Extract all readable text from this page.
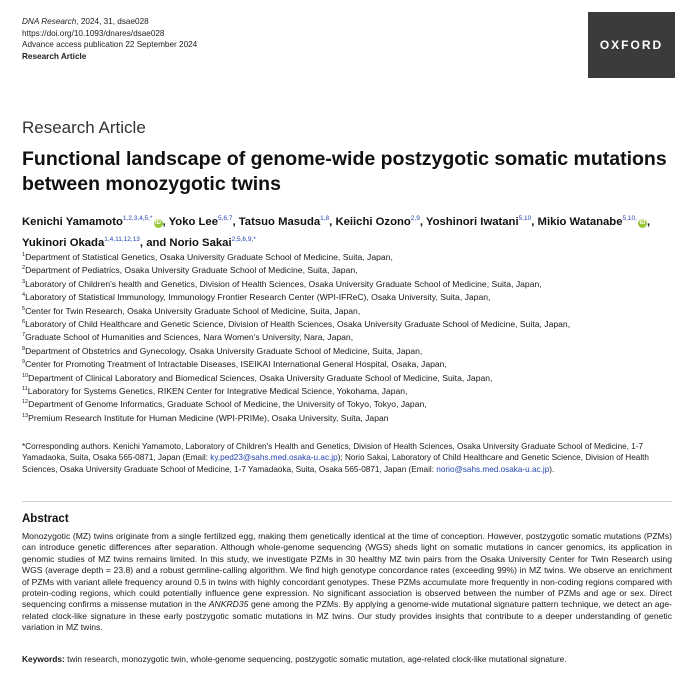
DNA Research, 2024, 31, dsae028
https://doi.org/10.1093/dnares/dsae028
Advance access publication 22 September 2024
Research Article
OXFORD
Research Article
Functional landscape of genome-wide postzygotic somatic mutations between monozygotic twins
Kenichi Yamamoto$^{1,2,3,4,5,*}$iD , Yoko Lee$^{5,6,7}$, Tatsuo Masuda$^{1,8}$, Keiichi Ozono$^{2,9}$, Yoshinori Iwatani$^{5,10}$, Mikio Watanabe$^{5,10,}$iD , Yukinori Okada$^{1,4,11,12,13}$, and Norio Sakai$^{2,5,6,9,*}$
$^1$Department of Statistical Genetics, Osaka University Graduate School of Medicine, Suita, Japan,
$^2$Department of Pediatrics, Osaka University Graduate School of Medicine, Suita, Japan,
$^3$Laboratory of Children's health and Genetics, Division of Health Sciences, Osaka University Graduate School of Medicine, Suita, Japan,
$^4$Laboratory of Statistical Immunology, Immunology Frontier Research Center (WPI-IFReC), Osaka University, Suita, Japan,
$^5$Center for Twin Research, Osaka University Graduate School of Medicine, Suita, Japan,
$^6$Laboratory of Child Healthcare and Genetic Science, Division of Health Sciences, Osaka University Graduate School of Medicine, Suita, Japan,
$^7$Graduate School of Humanities and Sciences, Nara Women's University, Nara, Japan,
$^8$Department of Obstetrics and Gynecology, Osaka University Graduate School of Medicine, Suita, Japan,
$^9$Center for Promoting Treatment of Intractable Diseases, ISEIKAI International General Hospital, Osaka, Japan,
$^{10}$Department of Clinical Laboratory and Biomedical Sciences, Osaka University Graduate School of Medicine, Suita, Japan,
$^{11}$Laboratory for Systems Genetics, RIKEN Center for Integrative Medical Science, Yokohama, Japan,
$^{12}$Department of Genome Informatics, Graduate School of Medicine, the University of Tokyo, Tokyo, Japan,
$^{13}$Premium Research Institute for Human Medicine (WPI-PRIMe), Osaka University, Suita, Japan
*Corresponding authors. Kenichi Yamamoto, Laboratory of Children's Health and Genetics, Division of Health Sciences, Osaka University Graduate School of Medicine, 1-7 Yamadaoka, Suita, Osaka 565-0871, Japan (Email: ky.ped23@sahs.med.osaka-u.ac.jp); Norio Sakai, Laboratory of Child Healthcare and Genetic Science, Division of Health Sciences, Osaka University Graduate School of Medicine, 1-7 Yamadaoka, Suita, Osaka 565-0871, Japan (Email: norio@sahs.med.osaka-u.ac.jp).
Abstract
Monozygotic (MZ) twins originate from a single fertilized egg, making them genetically identical at the time of conception. However, postzygotic somatic mutations (PZMs) can introduce genetic differences after separation. Although whole-genome sequencing (WGS) sheds light on somatic mutations in cancer genomics, its application in genomic studies of MZ twins remains limited. In this study, we investigate PZMs in 30 healthy MZ twin pairs from the Osaka University Center for Twin Research using WGS (average depth = 23.8) and a robust germline-calling algorithm. We find high genotype concordance rates (exceeding 99%) in MZ twins. We observe an enrichment of PZMs with variant allele frequency around 0.5 in twins with highly concordant genotypes. These PZMs accumulate more frequently in non-coding regions compared with protein-coding regions, which could potentially influence gene expression. No significant association is observed between the number of PZMs and age or sex. Direct sequencing confirms a missense mutation in the ANKRD35 gene among the PZMs. By applying a genome-wide mutational signature pattern technique, we detect an age-related clock-like signature in these early postzygotic somatic mutations in MZ twins. Our study provides insights that contribute to a deeper understanding of genetic variation in MZ twins.
Keywords: twin research, monozygotic twin, whole-genome sequencing, postzygotic somatic mutation, age-related clock-like mutational signature.
